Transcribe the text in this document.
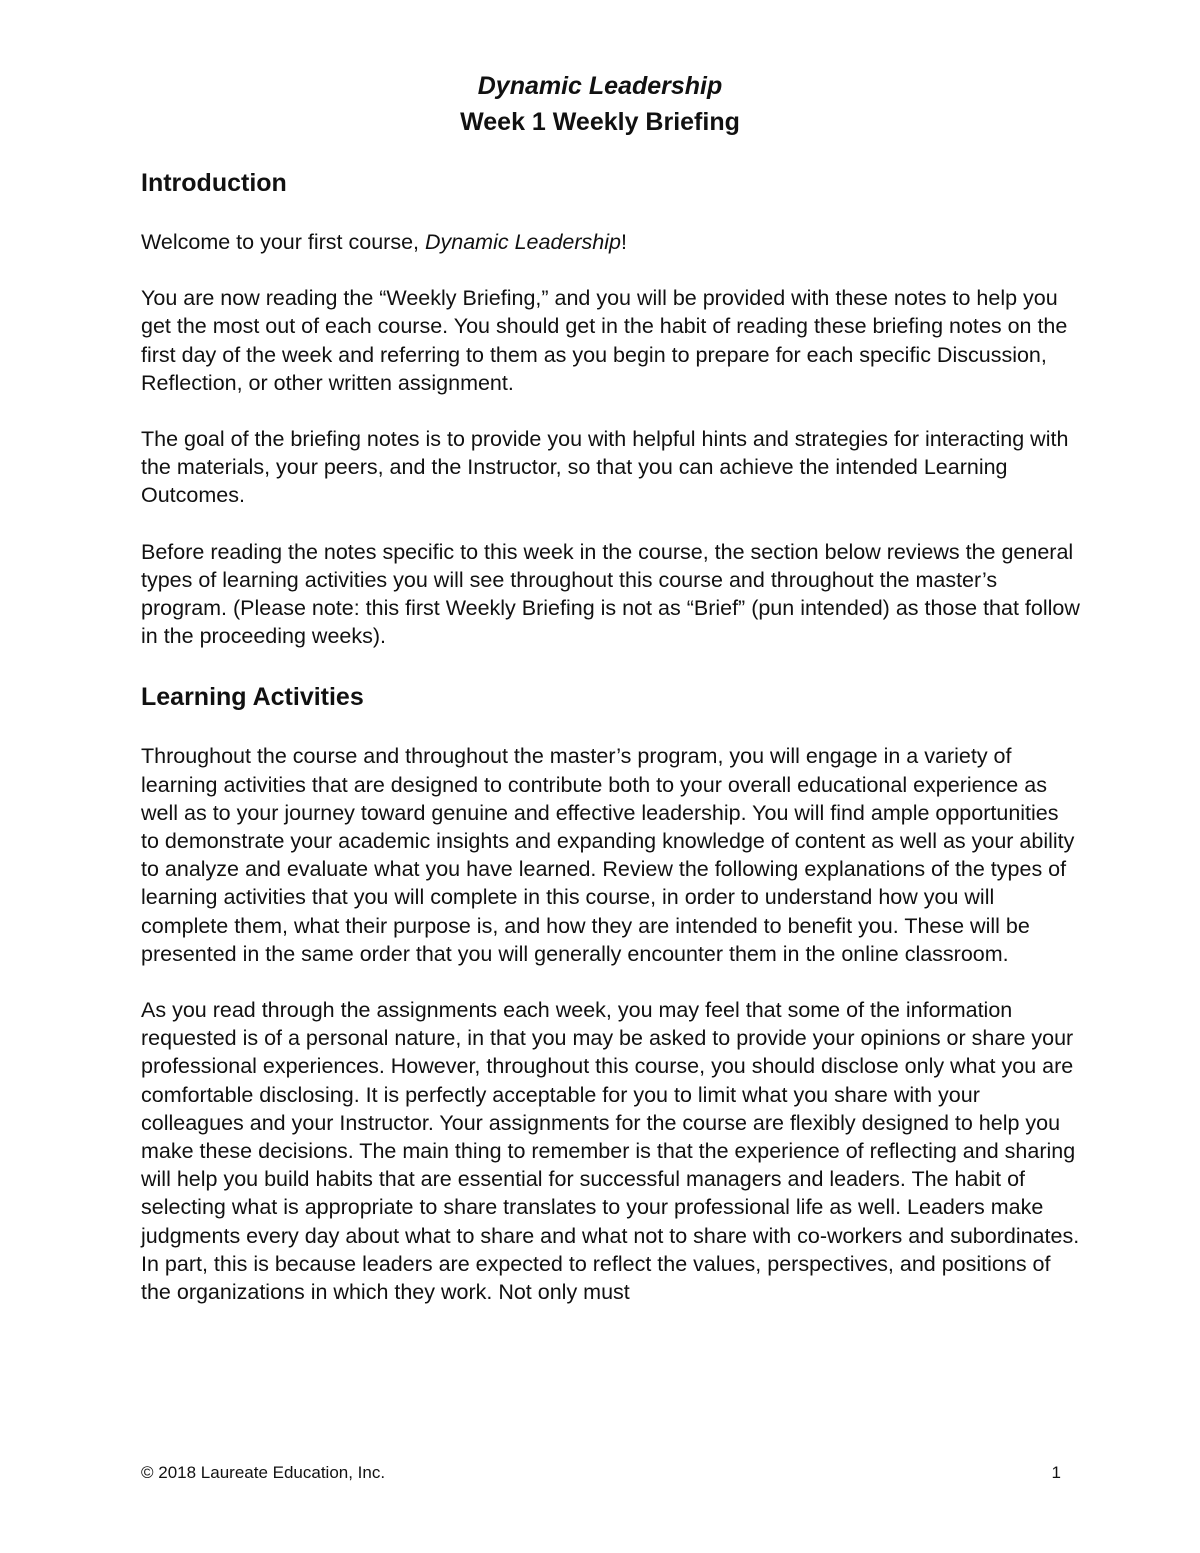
Dynamic Leadership
Week 1 Weekly Briefing
Introduction

Welcome to your first course, Dynamic Leadership!

You are now reading the “Weekly Briefing,” and you will be provided with these notes to help you get the most out of each course. You should get in the habit of reading these briefing notes on the first day of the week and referring to them as you begin to prepare for each specific Discussion, Reflection, or other written assignment.

The goal of the briefing notes is to provide you with helpful hints and strategies for interacting with the materials, your peers, and the Instructor, so that you can achieve the intended Learning Outcomes.

Before reading the notes specific to this week in the course, the section below reviews the general types of learning activities you will see throughout this course and throughout the master’s program. (Please note: this first Weekly Briefing is not as “Brief” (pun intended) as those that follow in the proceeding weeks).

Learning Activities

Throughout the course and throughout the master’s program, you will engage in a variety of learning activities that are designed to contribute both to your overall educational experience as well as to your journey toward genuine and effective leadership. You will find ample opportunities to demonstrate your academic insights and expanding knowledge of content as well as your ability to analyze and evaluate what you have learned. Review the following explanations of the types of learning activities that you will complete in this course, in order to understand how you will complete them, what their purpose is, and how they are intended to benefit you. These will be presented in the same order that you will generally encounter them in the online classroom.

As you read through the assignments each week, you may feel that some of the information requested is of a personal nature, in that you may be asked to provide your opinions or share your professional experiences. However, throughout this course, you should disclose only what you are comfortable disclosing. It is perfectly acceptable for you to limit what you share with your colleagues and your Instructor. Your assignments for the course are flexibly designed to help you make these decisions. The main thing to remember is that the experience of reflecting and sharing will help you build habits that are essential for successful managers and leaders. The habit of selecting what is appropriate to share translates to your professional life as well. Leaders make judgments every day about what to share and what not to share with co-workers and subordinates. In part, this is because leaders are expected to reflect the values, perspectives, and positions of the organizations in which they work. Not only must

© 2018 Laureate Education, Inc.	1
